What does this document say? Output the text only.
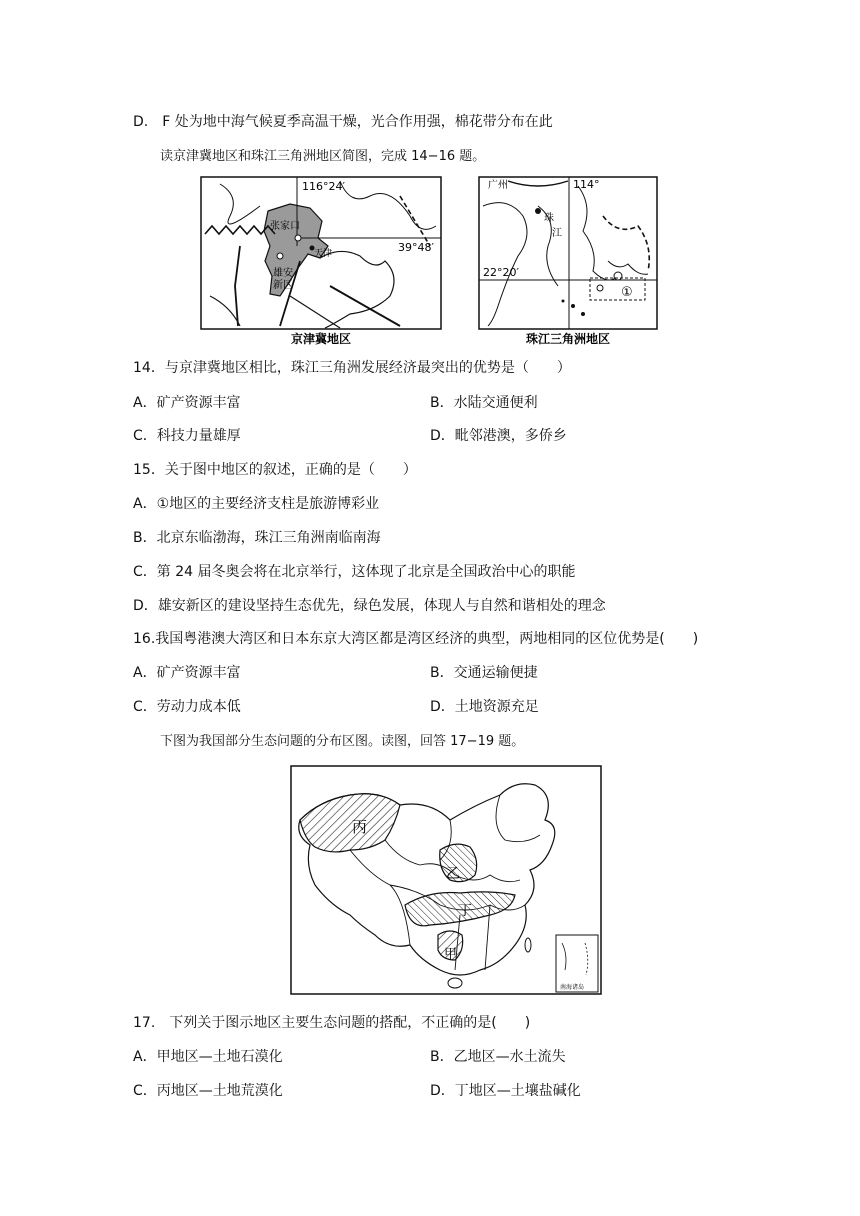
D.　F 处为地中海气候夏季高温干燥，光合作用强，棉花带分布在此
读京津冀地区和珠江三角洲地区简图，完成 14−16 题。
116°24′
39°48′
张家口
天津
雄安
新区
京津冀地区
广州	114°
22°20′
珠
江
①
珠江三角洲地区
14．与京津冀地区相比，珠江三角洲发展经济最突出的优势是（　　）
A．矿产资源丰富	B．水陆交通便利
C．科技力量雄厚	D．毗邻港澳，多侨乡
15．关于图中地区的叙述，正确的是（　　）
A．①地区的主要经济支柱是旅游博彩业
B．北京东临渤海，珠江三角洲南临南海
C．第 24 届冬奥会将在北京举行，这体现了北京是全国政治中心的职能
D．雄安新区的建设坚持生态优先，绿色发展，体现人与自然和谐相处的理念
16.我国粤港澳大湾区和日本东京大湾区都是湾区经济的典型，两地相同的区位优势是(　　)
A．矿产资源丰富	B．交通运输便捷
C．劳动力成本低	D．土地资源充足
下图为我国部分生态问题的分布区图。读图，回答 17−19 题。
丙
乙
丁
甲
南海诸岛
17.　下列关于图示地区主要生态问题的搭配，不正确的是(　　)
A．甲地区—土地石漠化	B．乙地区—水土流失
C．丙地区—土地荒漠化	D．丁地区—土壤盐碱化
